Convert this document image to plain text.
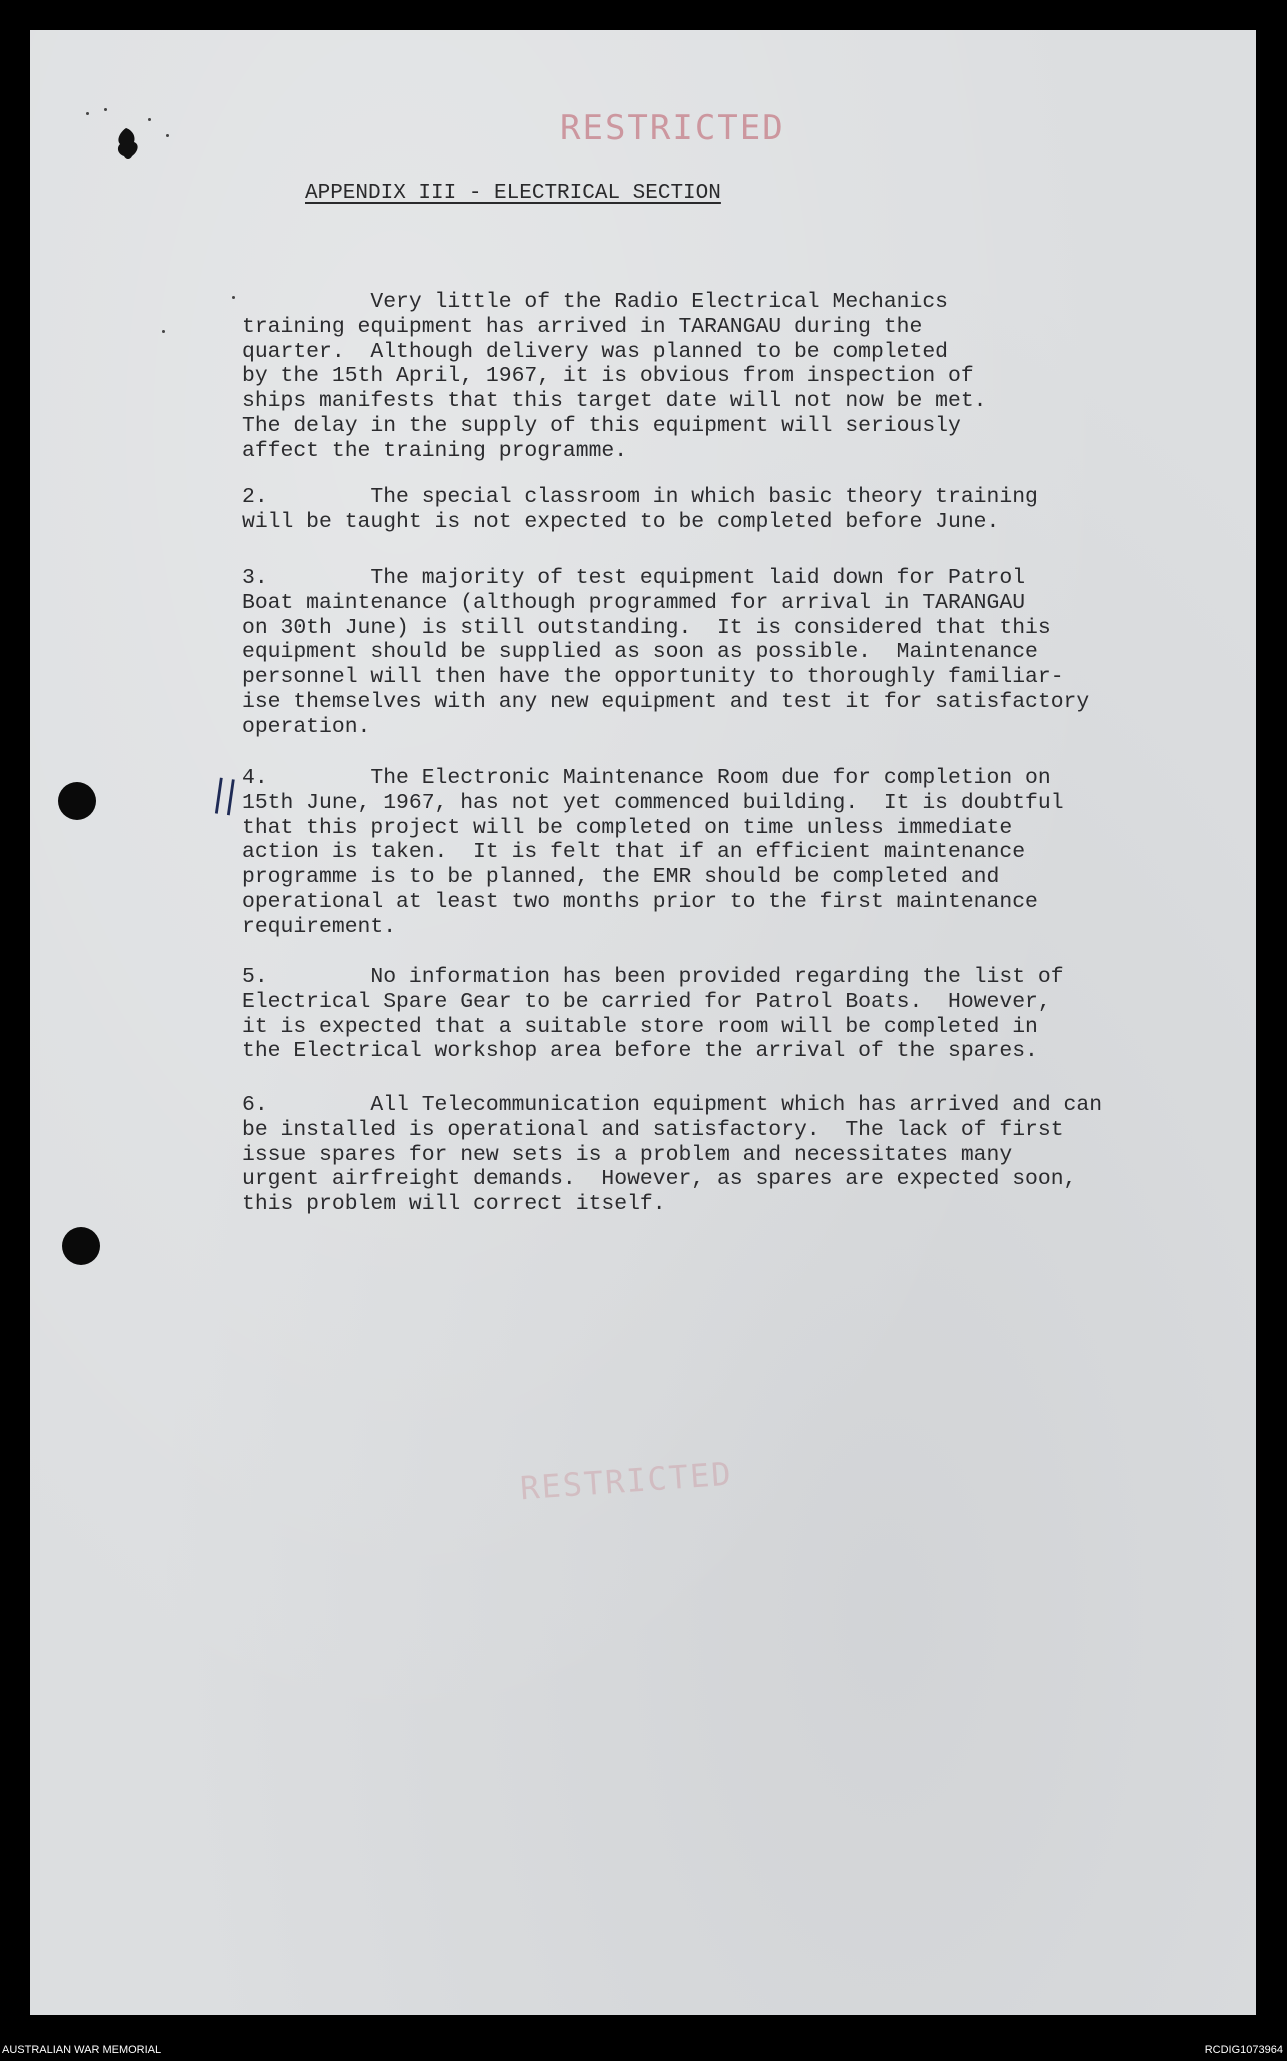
RESTRICTED
APPENDIX III - ELECTRICAL SECTION
Very little of the Radio Electrical Mechanics
training equipment has arrived in TARANGAU during the
quarter.  Although delivery was planned to be completed
by the 15th April, 1967, it is obvious from inspection of
ships manifests that this target date will not now be met.
The delay in the supply of this equipment will seriously
affect the training programme.
2.        The special classroom in which basic theory training
will be taught is not expected to be completed before June.
3.        The majority of test equipment laid down for Patrol
Boat maintenance (although programmed for arrival in TARANGAU
on 30th June) is still outstanding.  It is considered that this
equipment should be supplied as soon as possible.  Maintenance
personnel will then have the opportunity to thoroughly familiar-
ise themselves with any new equipment and test it for satisfactory
operation.
4.        The Electronic Maintenance Room due for completion on
15th June, 1967, has not yet commenced building.  It is doubtful
that this project will be completed on time unless immediate
action is taken.  It is felt that if an efficient maintenance
programme is to be planned, the EMR should be completed and
operational at least two months prior to the first maintenance
requirement.
5.        No information has been provided regarding the list of
Electrical Spare Gear to be carried for Patrol Boats.  However,
it is expected that a suitable store room will be completed in
the Electrical workshop area before the arrival of the spares.
6.        All Telecommunication equipment which has arrived and can
be installed is operational and satisfactory.  The lack of first
issue spares for new sets is a problem and necessitates many
urgent airfreight demands.  However, as spares are expected soon,
this problem will correct itself.
||
RESTRICTED
AUSTRALIAN WAR MEMORIAL	RCDIG1073964
